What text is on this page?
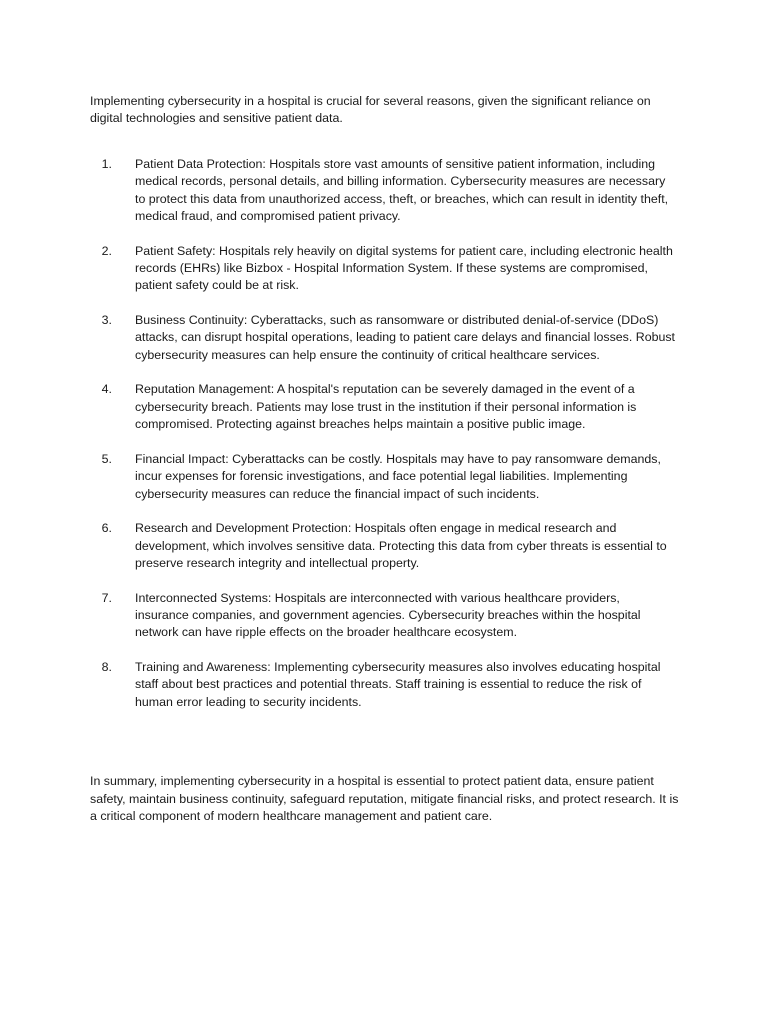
Implementing cybersecurity in a hospital is crucial for several reasons, given the significant reliance on digital technologies and sensitive patient data.

1.	Patient Data Protection: Hospitals store vast amounts of sensitive patient information, including medical records, personal details, and billing information. Cybersecurity measures are necessary to protect this data from unauthorized access, theft, or breaches, which can result in identity theft, medical fraud, and compromised patient privacy.
2.	Patient Safety: Hospitals rely heavily on digital systems for patient care, including electronic health records (EHRs) like Bizbox - Hospital Information System. If these systems are compromised, patient safety could be at risk.
3.	Business Continuity: Cyberattacks, such as ransomware or distributed denial-of-service (DDoS) attacks, can disrupt hospital operations, leading to patient care delays and financial losses. Robust cybersecurity measures can help ensure the continuity of critical healthcare services.
4.	Reputation Management: A hospital's reputation can be severely damaged in the event of a cybersecurity breach. Patients may lose trust in the institution if their personal information is compromised. Protecting against breaches helps maintain a positive public image.
5.	Financial Impact: Cyberattacks can be costly. Hospitals may have to pay ransomware demands, incur expenses for forensic investigations, and face potential legal liabilities. Implementing cybersecurity measures can reduce the financial impact of such incidents.
6.	Research and Development Protection: Hospitals often engage in medical research and development, which involves sensitive data. Protecting this data from cyber threats is essential to preserve research integrity and intellectual property.
7.	Interconnected Systems: Hospitals are interconnected with various healthcare providers, insurance companies, and government agencies. Cybersecurity breaches within the hospital network can have ripple effects on the broader healthcare ecosystem.
8.	Training and Awareness: Implementing cybersecurity measures also involves educating hospital staff about best practices and potential threats. Staff training is essential to reduce the risk of human error leading to security incidents.

In summary, implementing cybersecurity in a hospital is essential to protect patient data, ensure patient safety, maintain business continuity, safeguard reputation, mitigate financial risks, and protect research. It is a critical component of modern healthcare management and patient care.
